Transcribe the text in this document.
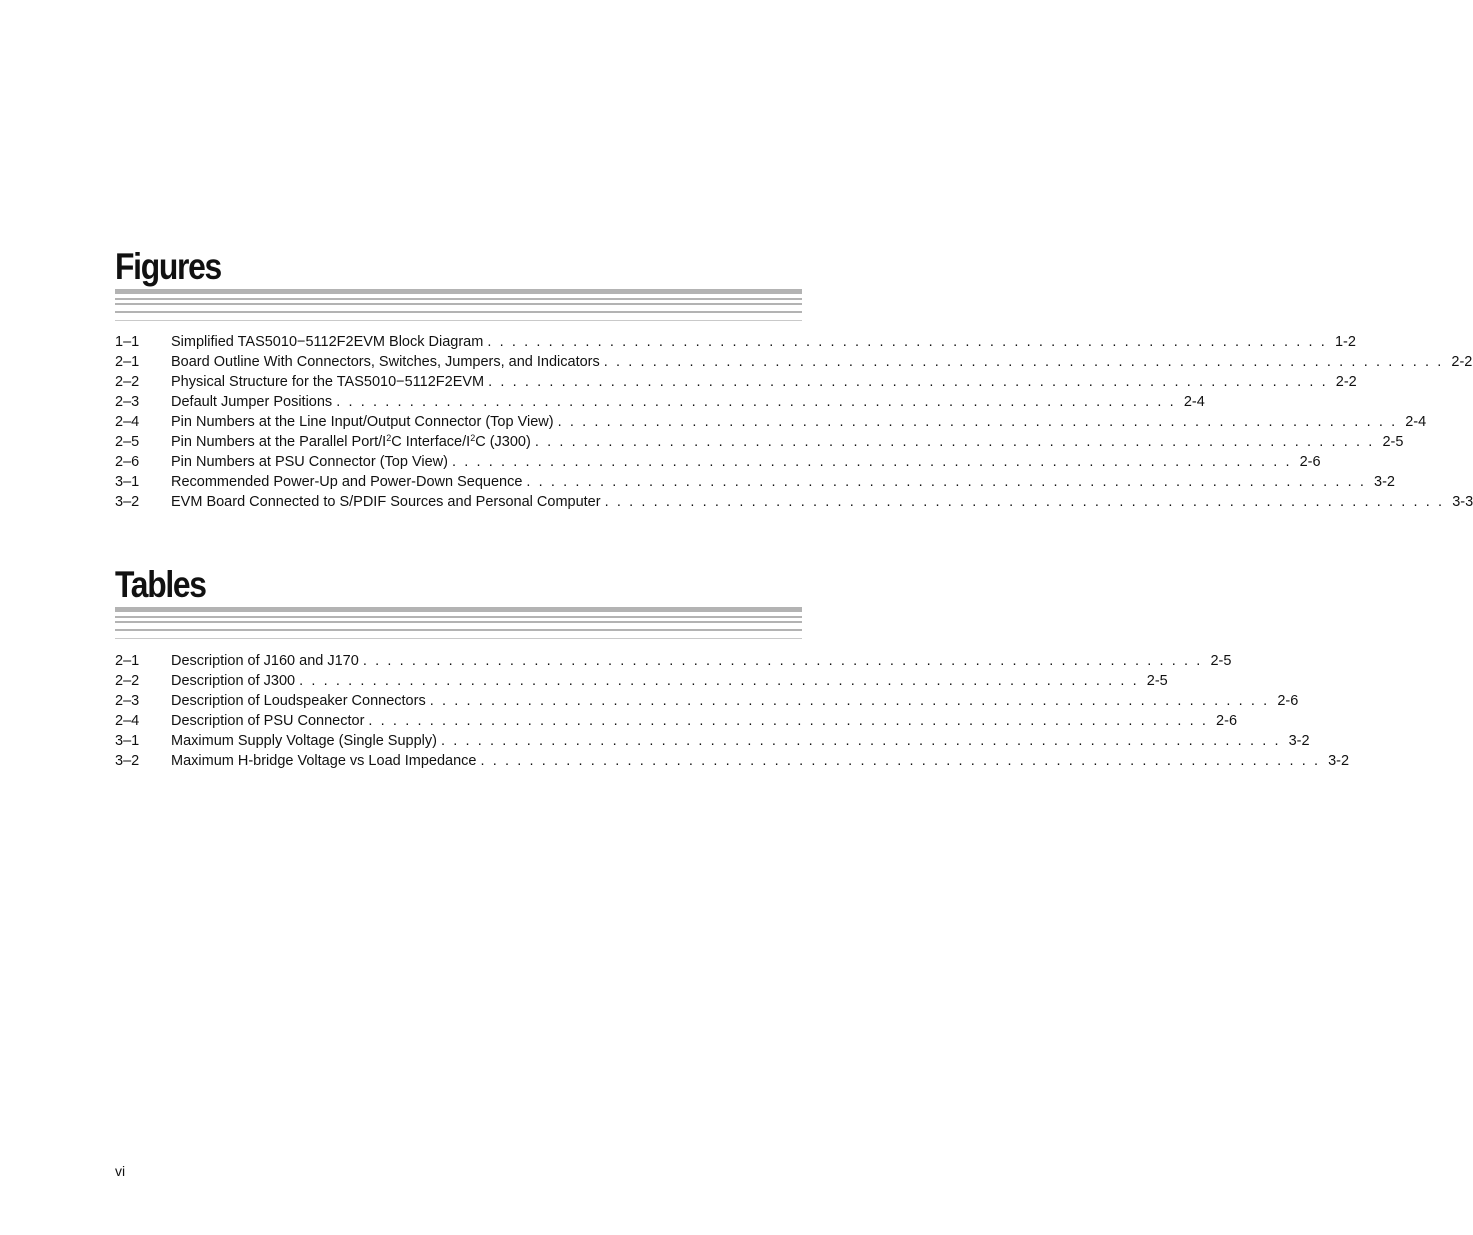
Figures
1–1	Simplified TAS5010−5112F2EVM Block Diagram . . . . . . . . . . . . . . . . . . . . . . . . . . . . . . . . . . . . . . . . . . . . . . . . . . . . . . . . . . . . . . . . . . . . . 1-2
2–1	Board Outline With Connectors, Switches, Jumpers, and Indicators . . . . . . . . . . . . . . . . . . . . . . . . . . . . . . . . . . . . . . . . . . . . . . . . . . . . . . . . . . . . . . . . . . . . . 2-2
2–2	Physical Structure for the TAS5010−5112F2EVM . . . . . . . . . . . . . . . . . . . . . . . . . . . . . . . . . . . . . . . . . . . . . . . . . . . . . . . . . . . . . . . . . . . . . 2-2
2–3	Default Jumper Positions . . . . . . . . . . . . . . . . . . . . . . . . . . . . . . . . . . . . . . . . . . . . . . . . . . . . . . . . . . . . . . . . . . . . . 2-4
2–4	Pin Numbers at the Line Input/Output Connector (Top View) . . . . . . . . . . . . . . . . . . . . . . . . . . . . . . . . . . . . . . . . . . . . . . . . . . . . . . . . . . . . . . . . . . . . . 2-4
2–5	Pin Numbers at the Parallel Port/$I^2C$ Interface/$I^2C$ (J300) . . . . . . . . . . . . . . . . . . . . . . . . . . . . . . . . . . . . . . . . . . . . . . . . . . . . . . . . . . . . . . . . . . . . . 2-5
2–6	Pin Numbers at PSU Connector (Top View) . . . . . . . . . . . . . . . . . . . . . . . . . . . . . . . . . . . . . . . . . . . . . . . . . . . . . . . . . . . . . . . . . . . . . 2-6
3–1	Recommended Power-Up and Power-Down Sequence . . . . . . . . . . . . . . . . . . . . . . . . . . . . . . . . . . . . . . . . . . . . . . . . . . . . . . . . . . . . . . . . . . . . . 3-2
3–2	EVM Board Connected to S/PDIF Sources and Personal Computer . . . . . . . . . . . . . . . . . . . . . . . . . . . . . . . . . . . . . . . . . . . . . . . . . . . . . . . . . . . . . . . . . . . . . 3-3
Tables
2–1	Description of J160 and J170 . . . . . . . . . . . . . . . . . . . . . . . . . . . . . . . . . . . . . . . . . . . . . . . . . . . . . . . . . . . . . . . . . . . . . 2-5
2–2	Description of J300 . . . . . . . . . . . . . . . . . . . . . . . . . . . . . . . . . . . . . . . . . . . . . . . . . . . . . . . . . . . . . . . . . . . . . 2-5
2–3	Description of Loudspeaker Connectors . . . . . . . . . . . . . . . . . . . . . . . . . . . . . . . . . . . . . . . . . . . . . . . . . . . . . . . . . . . . . . . . . . . . . 2-6
2–4	Description of PSU Connector . . . . . . . . . . . . . . . . . . . . . . . . . . . . . . . . . . . . . . . . . . . . . . . . . . . . . . . . . . . . . . . . . . . . . 2-6
3–1	Maximum Supply Voltage (Single Supply) . . . . . . . . . . . . . . . . . . . . . . . . . . . . . . . . . . . . . . . . . . . . . . . . . . . . . . . . . . . . . . . . . . . . . 3-2
3–2	Maximum H-bridge Voltage vs Load Impedance . . . . . . . . . . . . . . . . . . . . . . . . . . . . . . . . . . . . . . . . . . . . . . . . . . . . . . . . . . . . . . . . . . . . . 3-2
vi
